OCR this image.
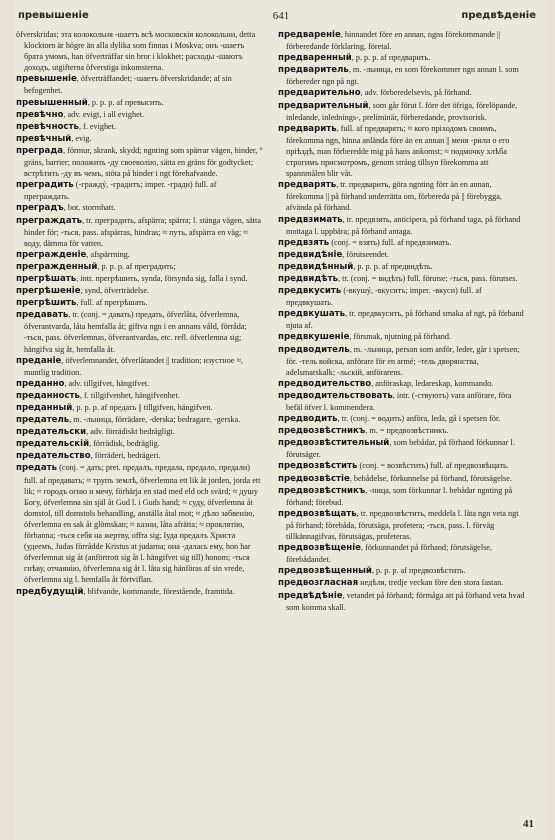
превышеніе	641	предвѣденіе

öfverskridas; эта колокольня -шаетъ всѣ московскія колокольни, detta klocktorn är högre än alla dylika som finnas i Moskva; онъ -шаетъ брата умомъ, han öfverträffar sin bror i klokhet; расходы -шаютъ доходъ, utgifterna öfverstiga inkomsterna.

превышеніе, öfverträffandet; -шаетъ öfverskridande; af sin befogenhet.

превышенный, p. p. p. af превысить.

превѣчно, adv. evigt, i all evighet.

превѣчность, f. evighet.

превѣчный, evig.

преграда, förmur, skrank, skydd; ngnting som spärrar vägen, hinder, ° gräns, barrier; положить -ду своеволію, sätta en gräns för godtycket; встрѣтить -ду въ чемъ, stöta på hinder i ngt förehafvande.

преградить (-граждý, -градитъ; imper. -гради) full. af преграждать.

преградъ, bot. stormhatt.

преграждать, tr. преградить, afspärra; spärra; l. stänga vägen, sätta hinder för; -ться, pass. afspärras, hindras; ≈ путь, afspärra en väg; ≈ воду, dämma för vatten.

прегражденіе, afspärrning.

прегражденный, p. p. p. af преградить;

прегрѣшать, intr. прегрѣшить, synda, försynda sig, falla i synd.

прегрѣшеніе, synd, öfverträdelse.

прегрѣшить, full. af прегрѣшать.

предавать, tr. (conj. = давать) предать, öfverlåta, öfverlemna, öfverantvarda, låta hemfalla åt; giftva ngn i en annans våld, förråda; -ться, pass. öfverlemnas, öfverantvardas, etc. refl. öfverlemna sig; hängifva sig åt, hemfalla åt.

преданіе, öfverlemnandet, öfverlåtandet || tradition; изустное ≈, muntlig tradition.

преданно, adv. tillgifvet, hängifvet.

преданность, f. tillgifvenhet, hängifvenhet.

преданный, p. p. p. af предать || tillgifven, hängifven.

предатель, m. -льница, förrädare, -derska; bedragare, -gerska.

предательски, adv. förrädiskt bedrägligt.

предательскій, förrädisk, bedräglig.

предательство, förräderi, bedrägeri.

предать (conj. = дать; pret. предалъ, предала, предало, предали) full. af предавать; ≈ трупъ землѣ, öfverlemna ett lik åt jorden, jorda ett lik; ≈ городъ огню и мечу, förhärja en stad med eld och svärd; ≈ душу Богу, öfverlemna sin själ åt Gud l. i Guds hand; ≈ суду, öfverlemna åt domstol, till domstols behandling, anställa åtal mot; ≈ дѣло забвенію, öfverlemna en sak åt glömskan; ≈ казни, låta afrätta; ≈ проклятію, förbanna; -ться себя на жертву, offra sig; Іуда предалъ Христа (удеемъ, Judas förrådde Kristus at judarna; она -далась ему, hon har öfverlemnat sig åt (anförtrott sig åt l. hängifvet sig till) honom; -ться гнѣву, отчаянію, öfverlemna sig åt l. låta sig hänföras af sin vrede, öfverlemna sig l. hemfalla åt förtviflan.

предбудущій, blifvande, kommande, förestående, framtida.

предвареніе, hinnandet före en annan, ngns förekommande || förberedande förklaring, företal.

предваренный, p. p. p. af предварить.

предваритель, m. -льница, en som förekommer ngn annan l. som förbereder ngn på ngt.

предварительно, adv. förberedelsevis, på förhand.

предварительный, som går förut l. före det öfriga, förelöpande, inledande, inlednings-, preliminär, förberedande, provisorisk.

предварить, full. af предварять; ≈ кого пріходомъ своимъ, förekomma ngn, hinna anlända före än en annan || меня -рили о его пріѣздѣ, man förberedde mig på hans ankomst; ≈ подмочку хлѣба строгимъ присмотромъ, genom sträng tillsyn förekomma att spannmålen blir våt.

предварять, tr. предварить, göra ngnting förr än en annan, förekomma || på förhand underrätta om, förbereda på || förebygga, afvända på förhand.

предвзимать, tr. предвзять, anticipera, på förhand taga, på förhand mottaga l. uppbära; på förhand antaga.

предвзять (conj. = взять) full. af предвзимать.

предвидѣніе, förutseendet.

предвидѣнный, p. p. p. af предвидѣть.

предвидѣть, tr. (conj. = видѣть) full. förutse; -ться, pass. förutses.

предвкусить (-вкушý, -вкуситъ; imper. -вкуси) full. af предвкушать.

предвкушать, tr. предвкусить, på förhand smaka af ngt, på förhand njuta af.

предвкушеніе, försmak, njutning på förhand.

предводитель, m. -льница, person som anför, leder, går i spetsen; för. -тель войска, anförare för en armé; -тель дворянства, adelsmarskalk; -льскій, anförarens.

предводительство, anföraskap, ledareskap, kommando.

предводительствовать, intr. (-ствуютъ) vara anförare, föra befäl öfver l. kommendera.

предводить, tr. (conj. = водить) anföra, leda, gå i spetsen för.

предвозвѣстникъ, m. = предвозвѣстникъ.

предвозвѣстительный, som bebådar, på förhand förkunnar l. förutsäger.

предвозвѣстить (conj. = возвѣстить) full. af предвозвѣщать.

предвозвѣстіе, bebådelse, förkunnelse på förhand, förutsägelse.

предвозвѣстникъ, -ница, som förkunnar l. bebådar ngnting på förhand; förebud.

предвозвѣщать, tr. предвозвѣстить, meddela l. låta ngn veta ngt på förhand; förebåda, förutsäga, profetera; -ться, pass. l. förväg tillkännagifvas, förutsägas, profeteras.

предвозвѣщеніе, förkunnandet på förhand; förutsägelse, förebådandet.

предвозвѣщенный, p. p. p. af предвозвѣстить.

предвозгласная недѣля, tredje veckan före den stora fastan.

предвѣдѣніе, vetandet på förhand; förmåga att på förhand veta hvad som komma skall.

41
